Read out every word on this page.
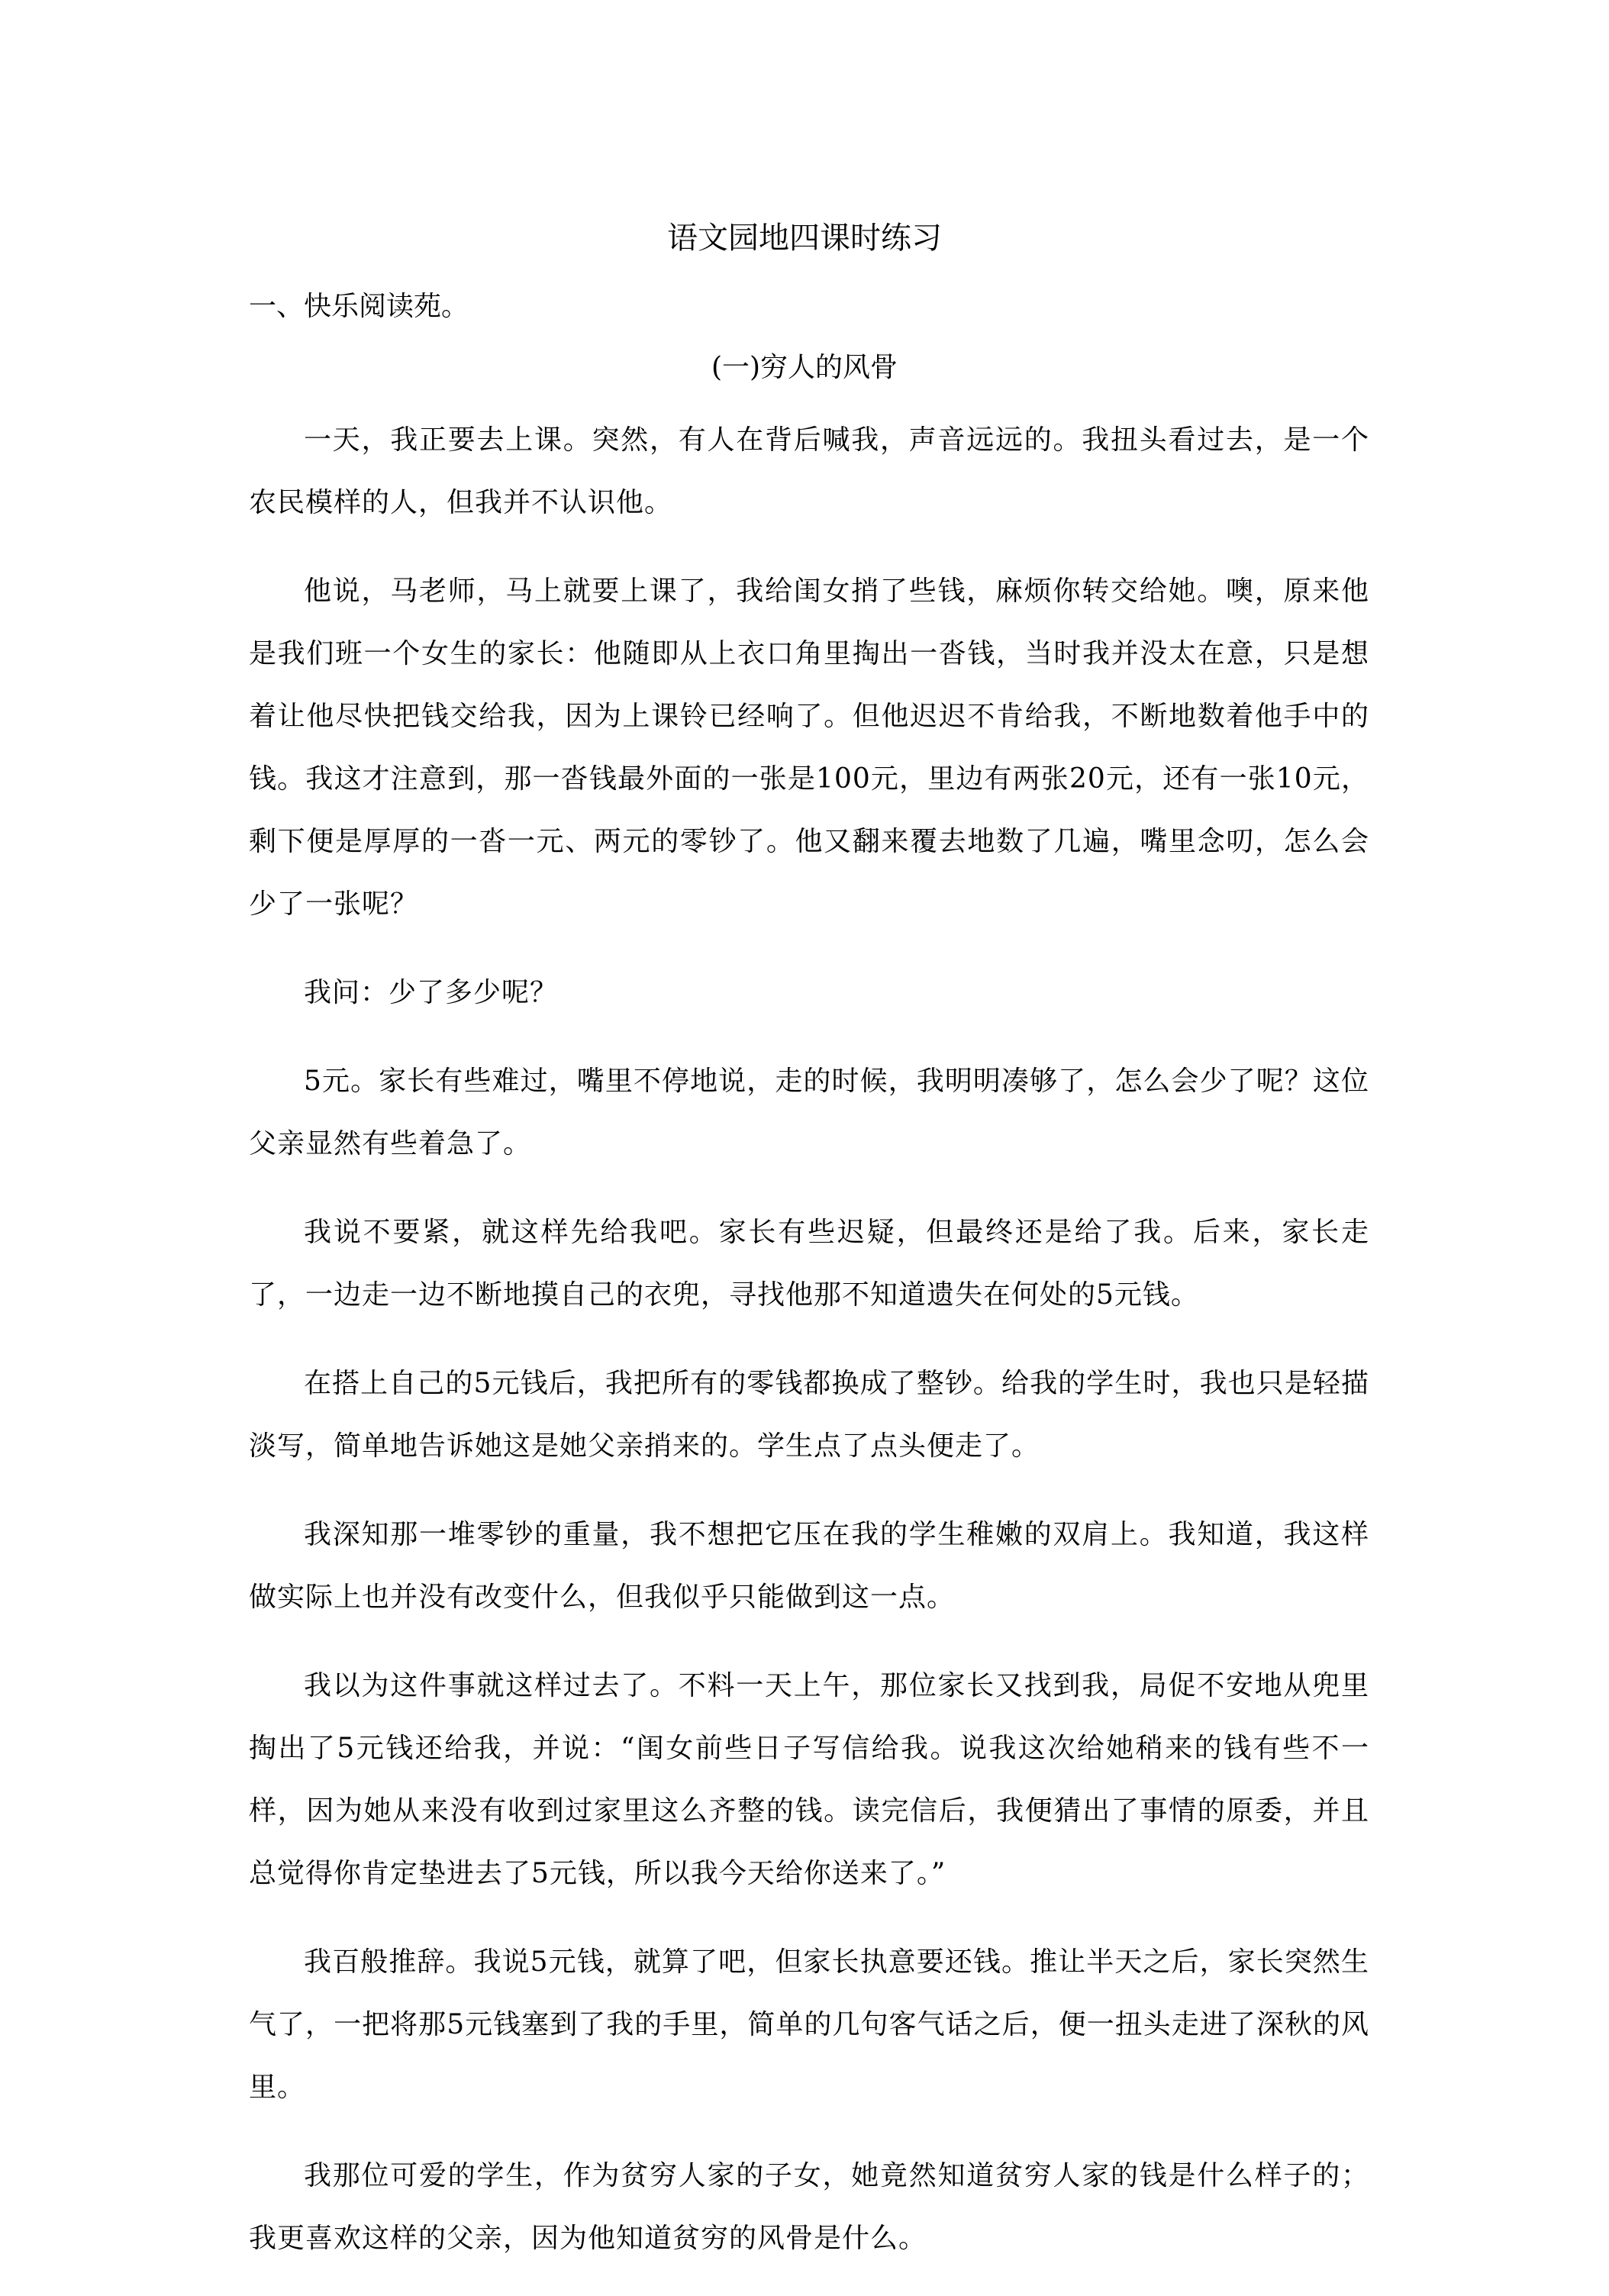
语文园地四课时练习
一、快乐阅读苑。
(一)穷人的风骨

一天，我正要去上课。突然，有人在背后喊我，声音远远的。我扭头看过去，是一个农民模样的人，但我并不认识他。

他说，马老师，马上就要上课了，我给闺女捎了些钱，麻烦你转交给她。噢，原来他是我们班一个女生的家长：他随即从上衣口角里掏出一沓钱，当时我并没太在意，只是想着让他尽快把钱交给我，因为上课铃已经响了。但他迟迟不肯给我，不断地数着他手中的钱。我这才注意到，那一沓钱最外面的一张是100元，里边有两张20元，还有一张10元，剩下便是厚厚的一沓一元、两元的零钞了。他又翻来覆去地数了几遍，嘴里念叨，怎么会少了一张呢？

我问：少了多少呢？

5元。家长有些难过，嘴里不停地说，走的时候，我明明凑够了，怎么会少了呢？这位父亲显然有些着急了。

我说不要紧，就这样先给我吧。家长有些迟疑，但最终还是给了我。后来，家长走了，一边走一边不断地摸自己的衣兜，寻找他那不知道遗失在何处的5元钱。

在搭上自己的5元钱后，我把所有的零钱都换成了整钞。给我的学生时，我也只是轻描淡写，简单地告诉她这是她父亲捎来的。学生点了点头便走了。

我深知那一堆零钞的重量，我不想把它压在我的学生稚嫩的双肩上。我知道，我这样做实际上也并没有改变什么，但我似乎只能做到这一点。

我以为这件事就这样过去了。不料一天上午，那位家长又找到我，局促不安地从兜里掏出了5元钱还给我，并说：“闺女前些日子写信给我。说我这次给她稍来的钱有些不一样，因为她从来没有收到过家里这么齐整的钱。读完信后，我便猜出了事情的原委，并且总觉得你肯定垫进去了5元钱，所以我今天给你送来了。”

我百般推辞。我说5元钱，就算了吧，但家长执意要还钱。推让半天之后，家长突然生气了，一把将那5元钱塞到了我的手里，简单的几句客气话之后，便一扭头走进了深秋的风里。

我那位可爱的学生，作为贫穷人家的子女，她竟然知道贫穷人家的钱是什么样子的；我更喜欢这样的父亲，因为他知道贫穷的风骨是什么。
